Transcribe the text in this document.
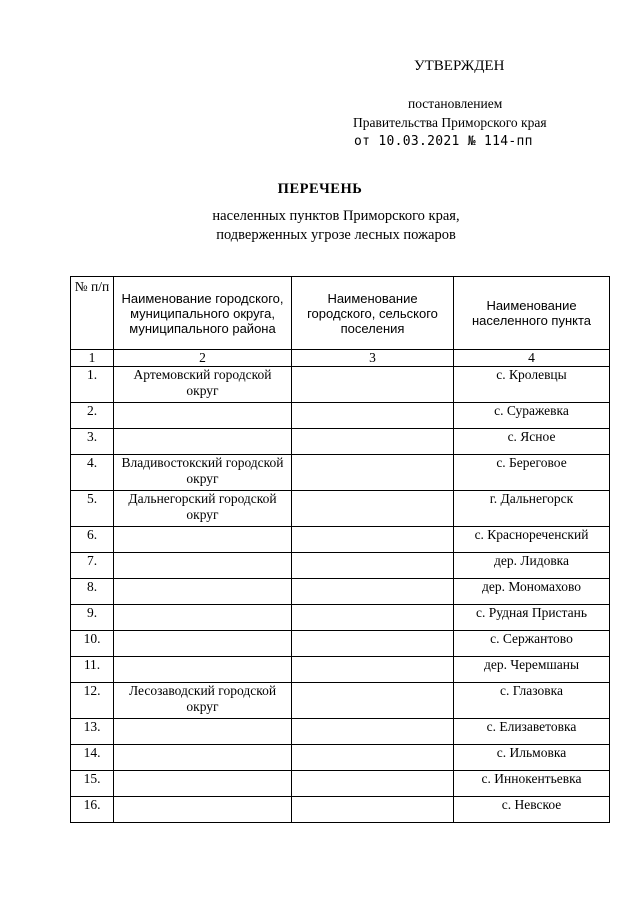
УТВЕРЖДЕН
постановлением
Правительства Приморского края
от 10.03.2021 № 114-пп
ПЕРЕЧЕНЬ
населенных пунктов Приморского края,
подверженных угрозе лесных пожаров
№ п/п	Наименование городского, муниципального округа, муниципального района	Наименование городского, сельского поселения	Наименование населенного пункта
1	2	3	4
1.	Артемовский городской округ		с. Кролевцы
2.			с. Суражевка
3.			с. Ясное
4.	Владивостокский городской округ		с. Береговое
5.	Дальнегорский городской округ		г. Дальнегорск
6.			с. Краснореченский
7.			дер. Лидовка
8.			дер. Мономахово
9.			с. Рудная Пристань
10.			с. Сержантово
11.			дер. Черемшаны
12.	Лесозаводский городской округ		с. Глазовка
13.			с. Елизаветовка
14.			с. Ильмовка
15.			с. Иннокентьевка
16.			с. Невское
